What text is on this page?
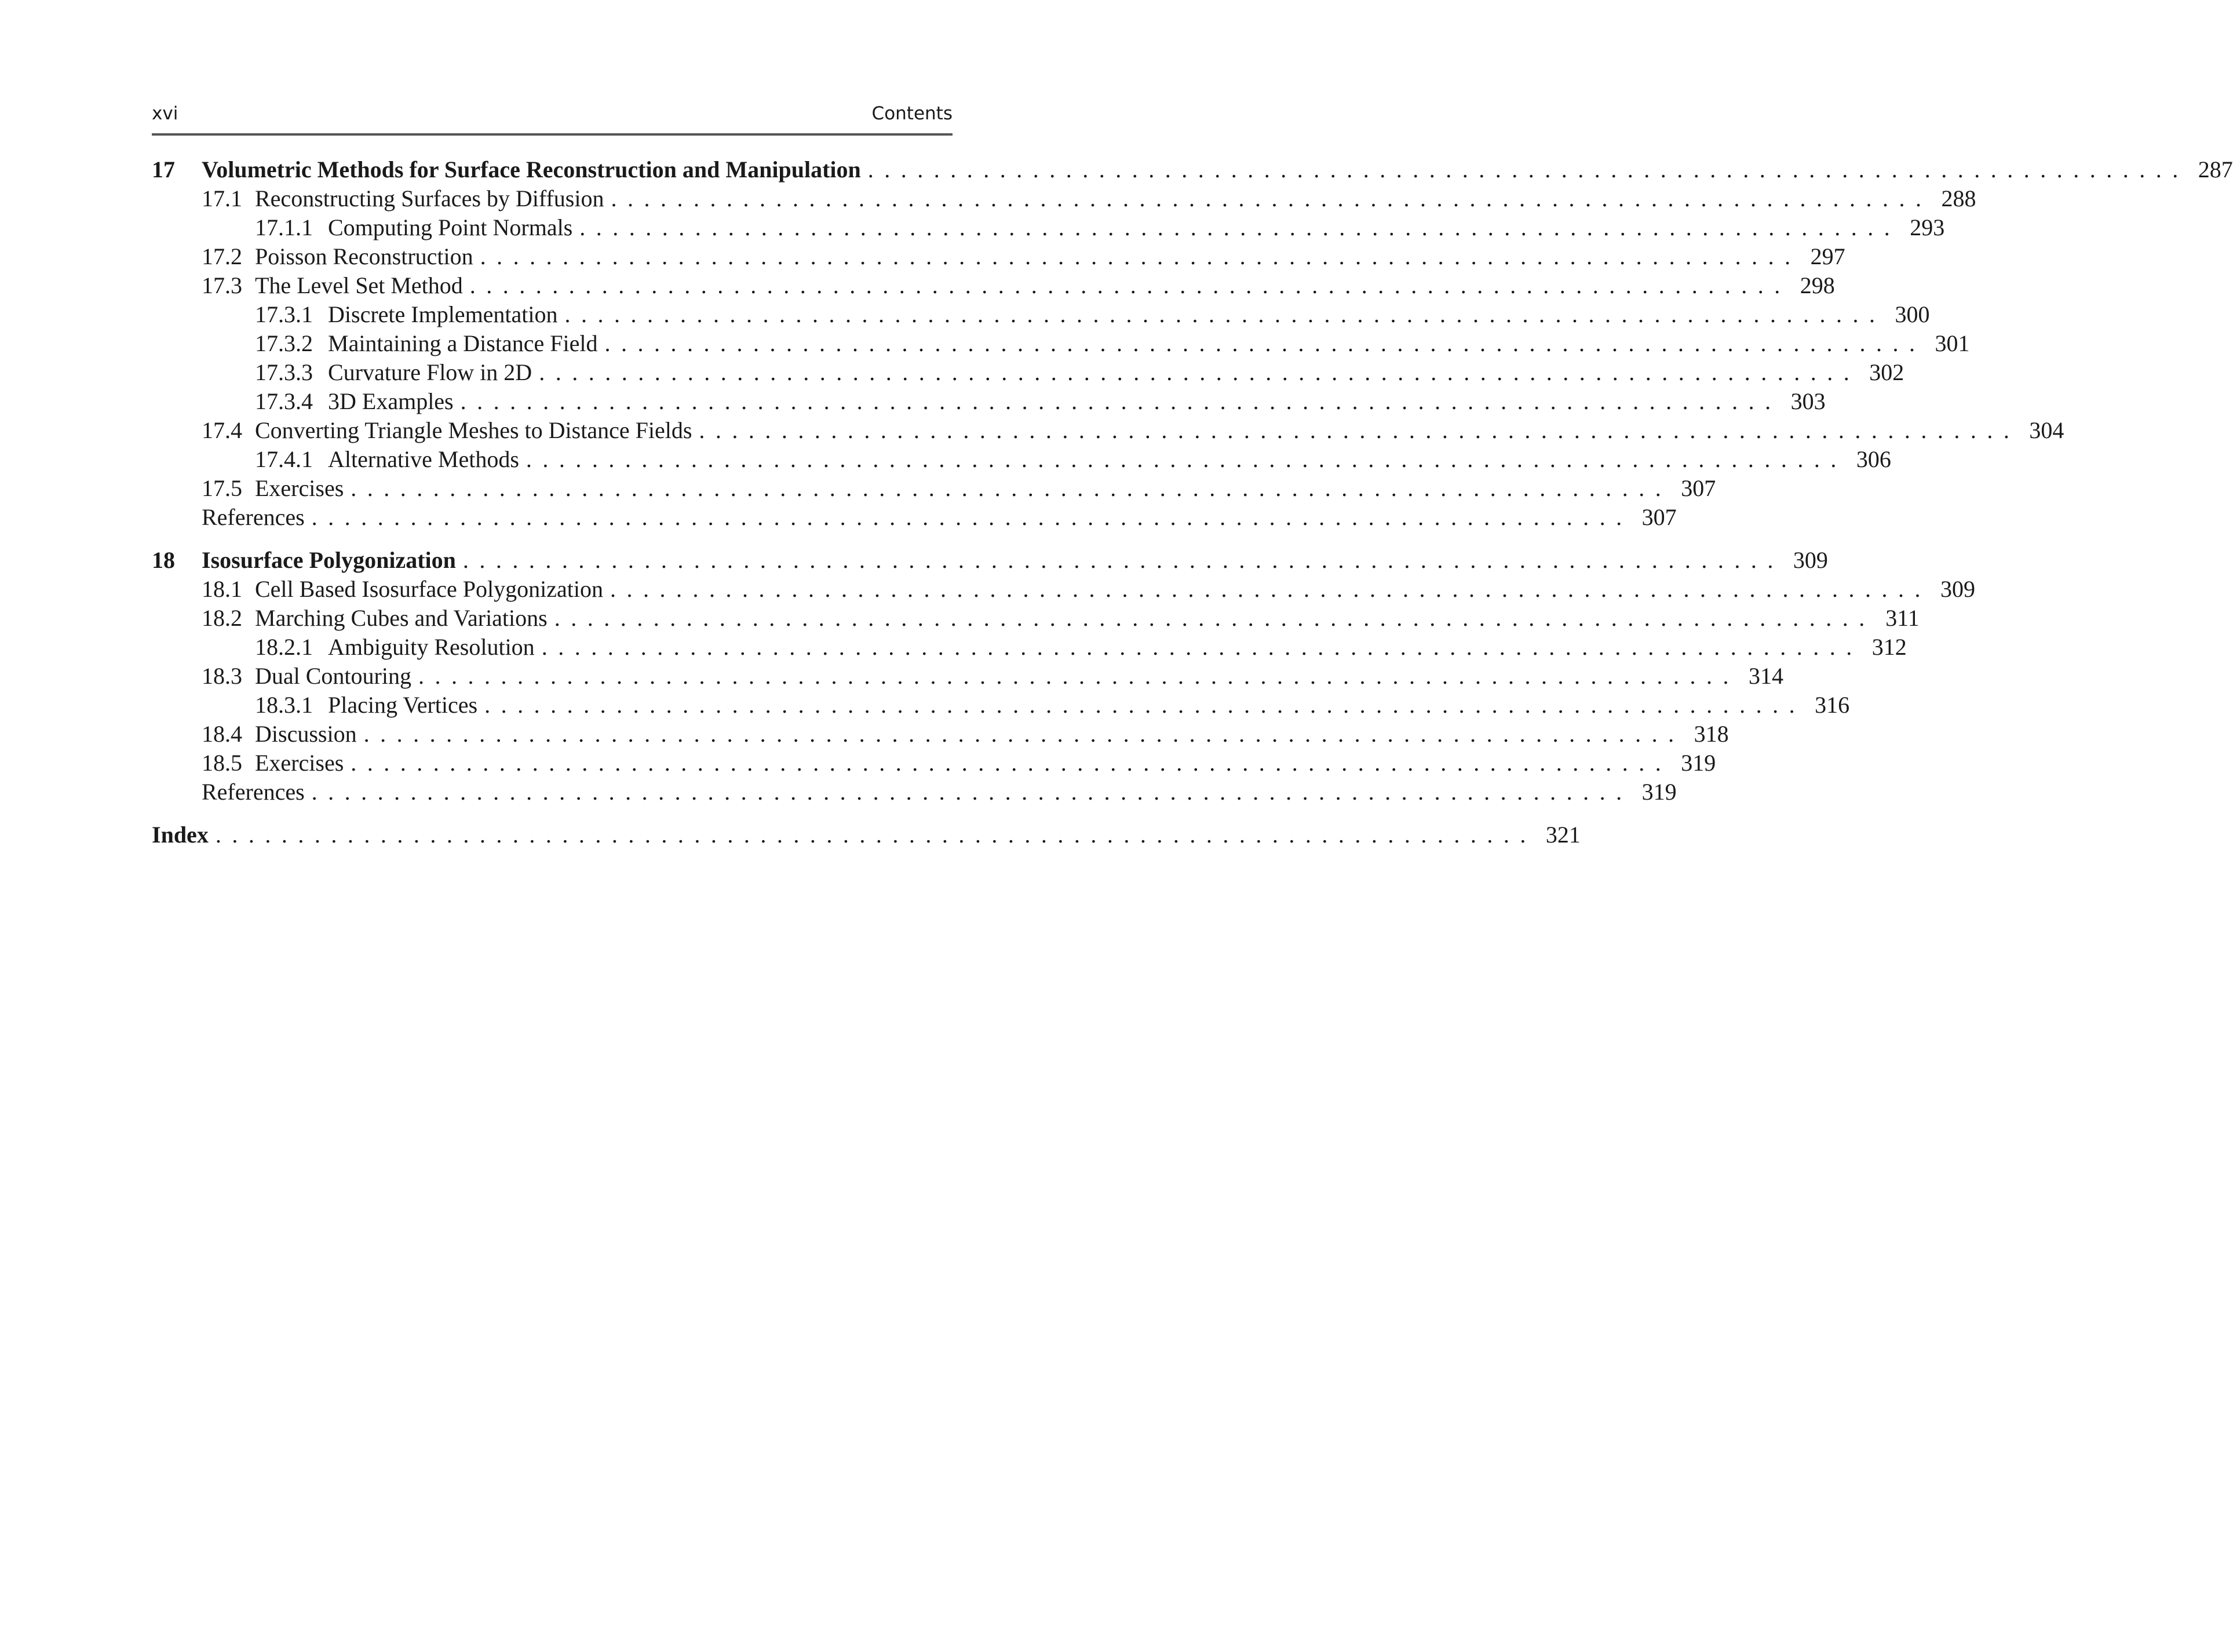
xvi	Contents
17	Volumetric Methods for Surface Reconstruction and Manipulation ................................................................................ 287
17.1 Reconstructing Surfaces by Diffusion ................................................................................ 288
17.1.1 Computing Point Normals ................................................................................ 293
17.2 Poisson Reconstruction ................................................................................ 297
17.3 The Level Set Method ................................................................................ 298
17.3.1 Discrete Implementation ................................................................................ 300
17.3.2 Maintaining a Distance Field ................................................................................ 301
17.3.3 Curvature Flow in 2D ................................................................................ 302
17.3.4 3D Examples ................................................................................ 303
17.4 Converting Triangle Meshes to Distance Fields ................................................................................ 304
17.4.1 Alternative Methods ................................................................................ 306
17.5 Exercises ................................................................................ 307
References ................................................................................ 307
18	Isosurface Polygonization ................................................................................ 309
18.1 Cell Based Isosurface Polygonization ................................................................................ 309
18.2 Marching Cubes and Variations ................................................................................ 311
18.2.1 Ambiguity Resolution ................................................................................ 312
18.3 Dual Contouring ................................................................................ 314
18.3.1 Placing Vertices ................................................................................ 316
18.4 Discussion ................................................................................ 318
18.5 Exercises ................................................................................ 319
References ................................................................................ 319
Index ................................................................................ 321
